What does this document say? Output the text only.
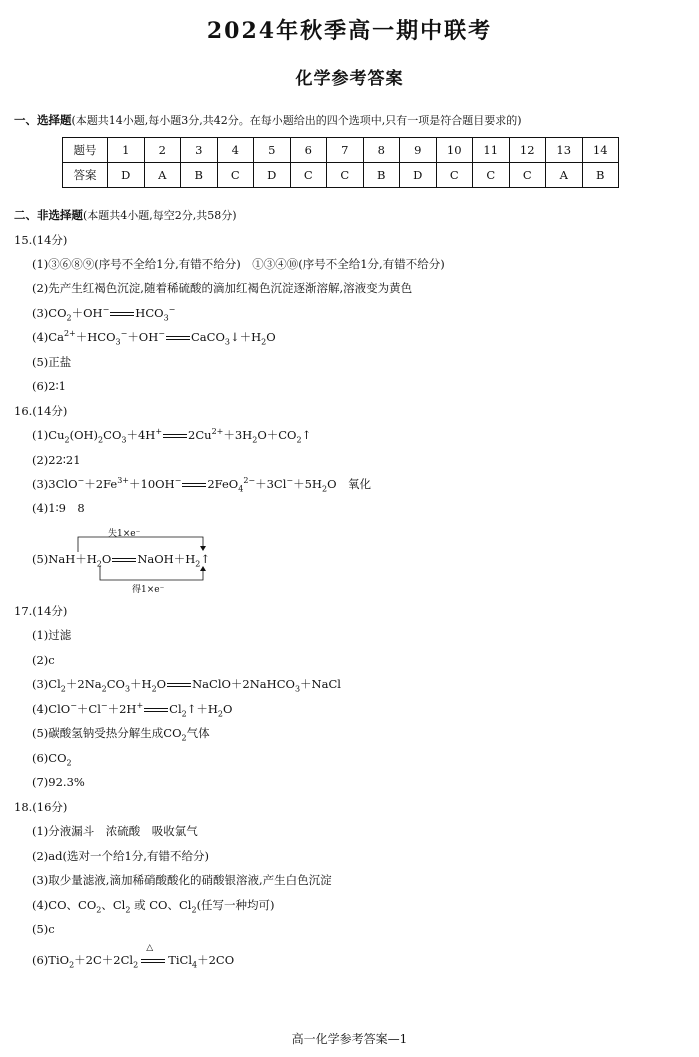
2024年秋季高一期中联考
化学参考答案
一、选择题(本题共14小题,每小题3分,共42分。在每小题给出的四个选项中,只有一项是符合题目要求的)
题号	1	2	3	4	5	6	7	8	9	10	11	12	13	14
答案	D	A	B	C	D	C	C	B	D	C	C	C	A	B
二、非选择题(本题共4小题,每空2分,共58分)
15.(14分)
(1)③⑥⑧⑨(序号不全给1分,有错不给分)　①③④⑩(序号不全给1分,有错不给分)
(2)先产生红褐色沉淀,随着稀硫酸的滴加红褐色沉淀逐渐溶解,溶液变为黄色
$(3)CO_2+OH^-$ $HCO_3^-$
$(4)Ca^{2+}+HCO_3^-+OH^-$ $CaCO_3↓+H_2O$
(5)正盐
(6)2∶1
16.(14分)
$(1)Cu_2(OH)_2CO_3+4H^+$ $2Cu^{2+}+3H_2O+CO_2↑$
(2)22∶21
$(3)3ClO^-+2Fe^{3+}+10OH^-$ $2FeO_4^{2-}+3Cl^-+5H_2O$　氧化
(4)1∶9　8
失1×e⁻
得1×e⁻
$(5)NaH+H_2O$ $NaOH+H_2↑$
17.(14分)
(1)过滤
(2)c
$(3)Cl_2+2Na_2CO_3+H_2O$ NaClO＋2NaHCO$_3$＋NaCl
(4)ClO−＋Cl−＋2H+ $Cl_2↑+H_2O$
(5)碳酸氢钠受热分解生成$CO_2$气体
$(6)CO_2$
(7)92.3%
18.(16分)
(1)分液漏斗　浓硫酸　吸收氯气
(2)ad(选对一个给1分,有错不给分)
(3)取少量滤液,滴加稀硝酸酸化的硝酸银溶液,产生白色沉淀
(4)CO、$CO_2$、$Cl_2$ 或 CO、$Cl_2$(任写一种均可)
(5)c
$(6)TiO_2+2C+2Cl_2$
△
TiCl$_4$＋2CO
高一化学参考答案—1
